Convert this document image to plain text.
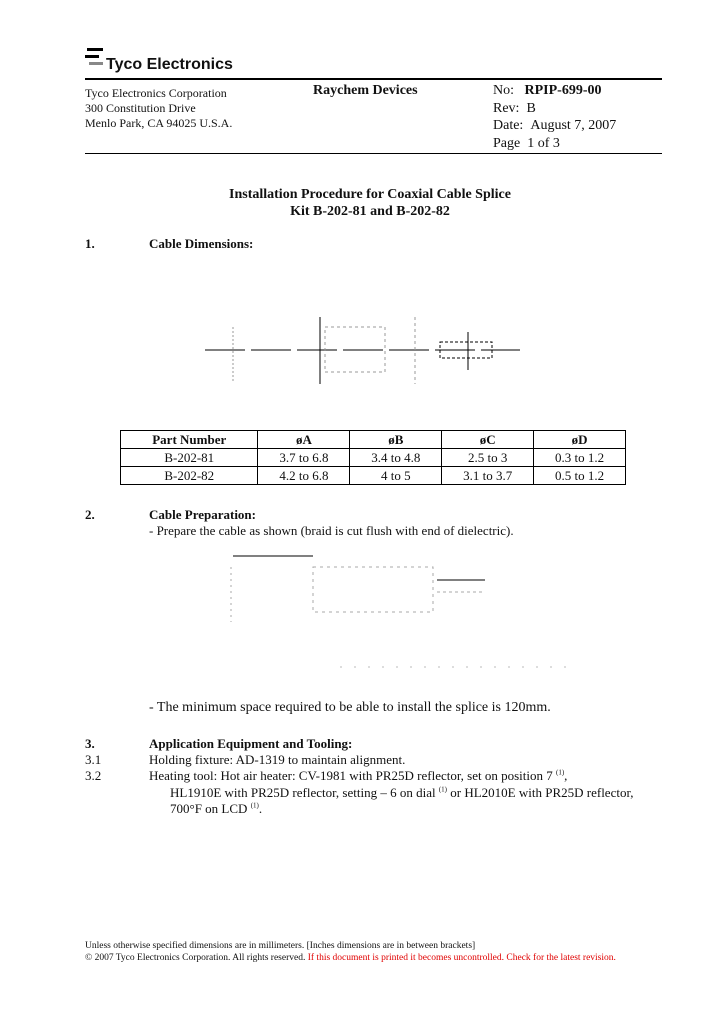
Tyco Electronics
Tyco Electronics Corporation
300 Constitution Drive
Menlo Park, CA 94025 U.S.A.
Raychem Devices	No: RPIP-699-00
Rev: B
Date: August 7, 2007
Page 1 of 3
Installation Procedure for Coaxial Cable Splice
Kit B-202-81 and B-202-82
1.	Cable Dimensions:
Part Number	øA	øB	øC	øD
B-202-81	3.7 to 6.8	3.4 to 4.8	2.5 to 3	0.3 to 1.2
B-202-82	4.2 to 6.8	4 to 5	3.1 to 3.7	0.5 to 1.2
2.	Cable Preparation:
- Prepare the cable as shown (braid is cut flush with end of dielectric).
- The minimum space required to be able to install the splice is 120mm.
3.	Application Equipment and Tooling:
3.1	Holding fixture: AD-1319 to maintain alignment.
3.2	Heating tool: Hot air heater: CV-1981 with PR25D reflector, set on position 7 $^{(1)}$,
HL1910E with PR25D reflector, setting – 6 on dial $^{(1)}$ or HL2010E with PR25D reflector,
700°F on LCD $^{(1)}$.
Unless otherwise specified dimensions are in millimeters. [Inches dimensions are in between brackets]
© 2007 Tyco Electronics Corporation. All rights reserved. If this document is printed it becomes uncontrolled. Check for the latest revision.
